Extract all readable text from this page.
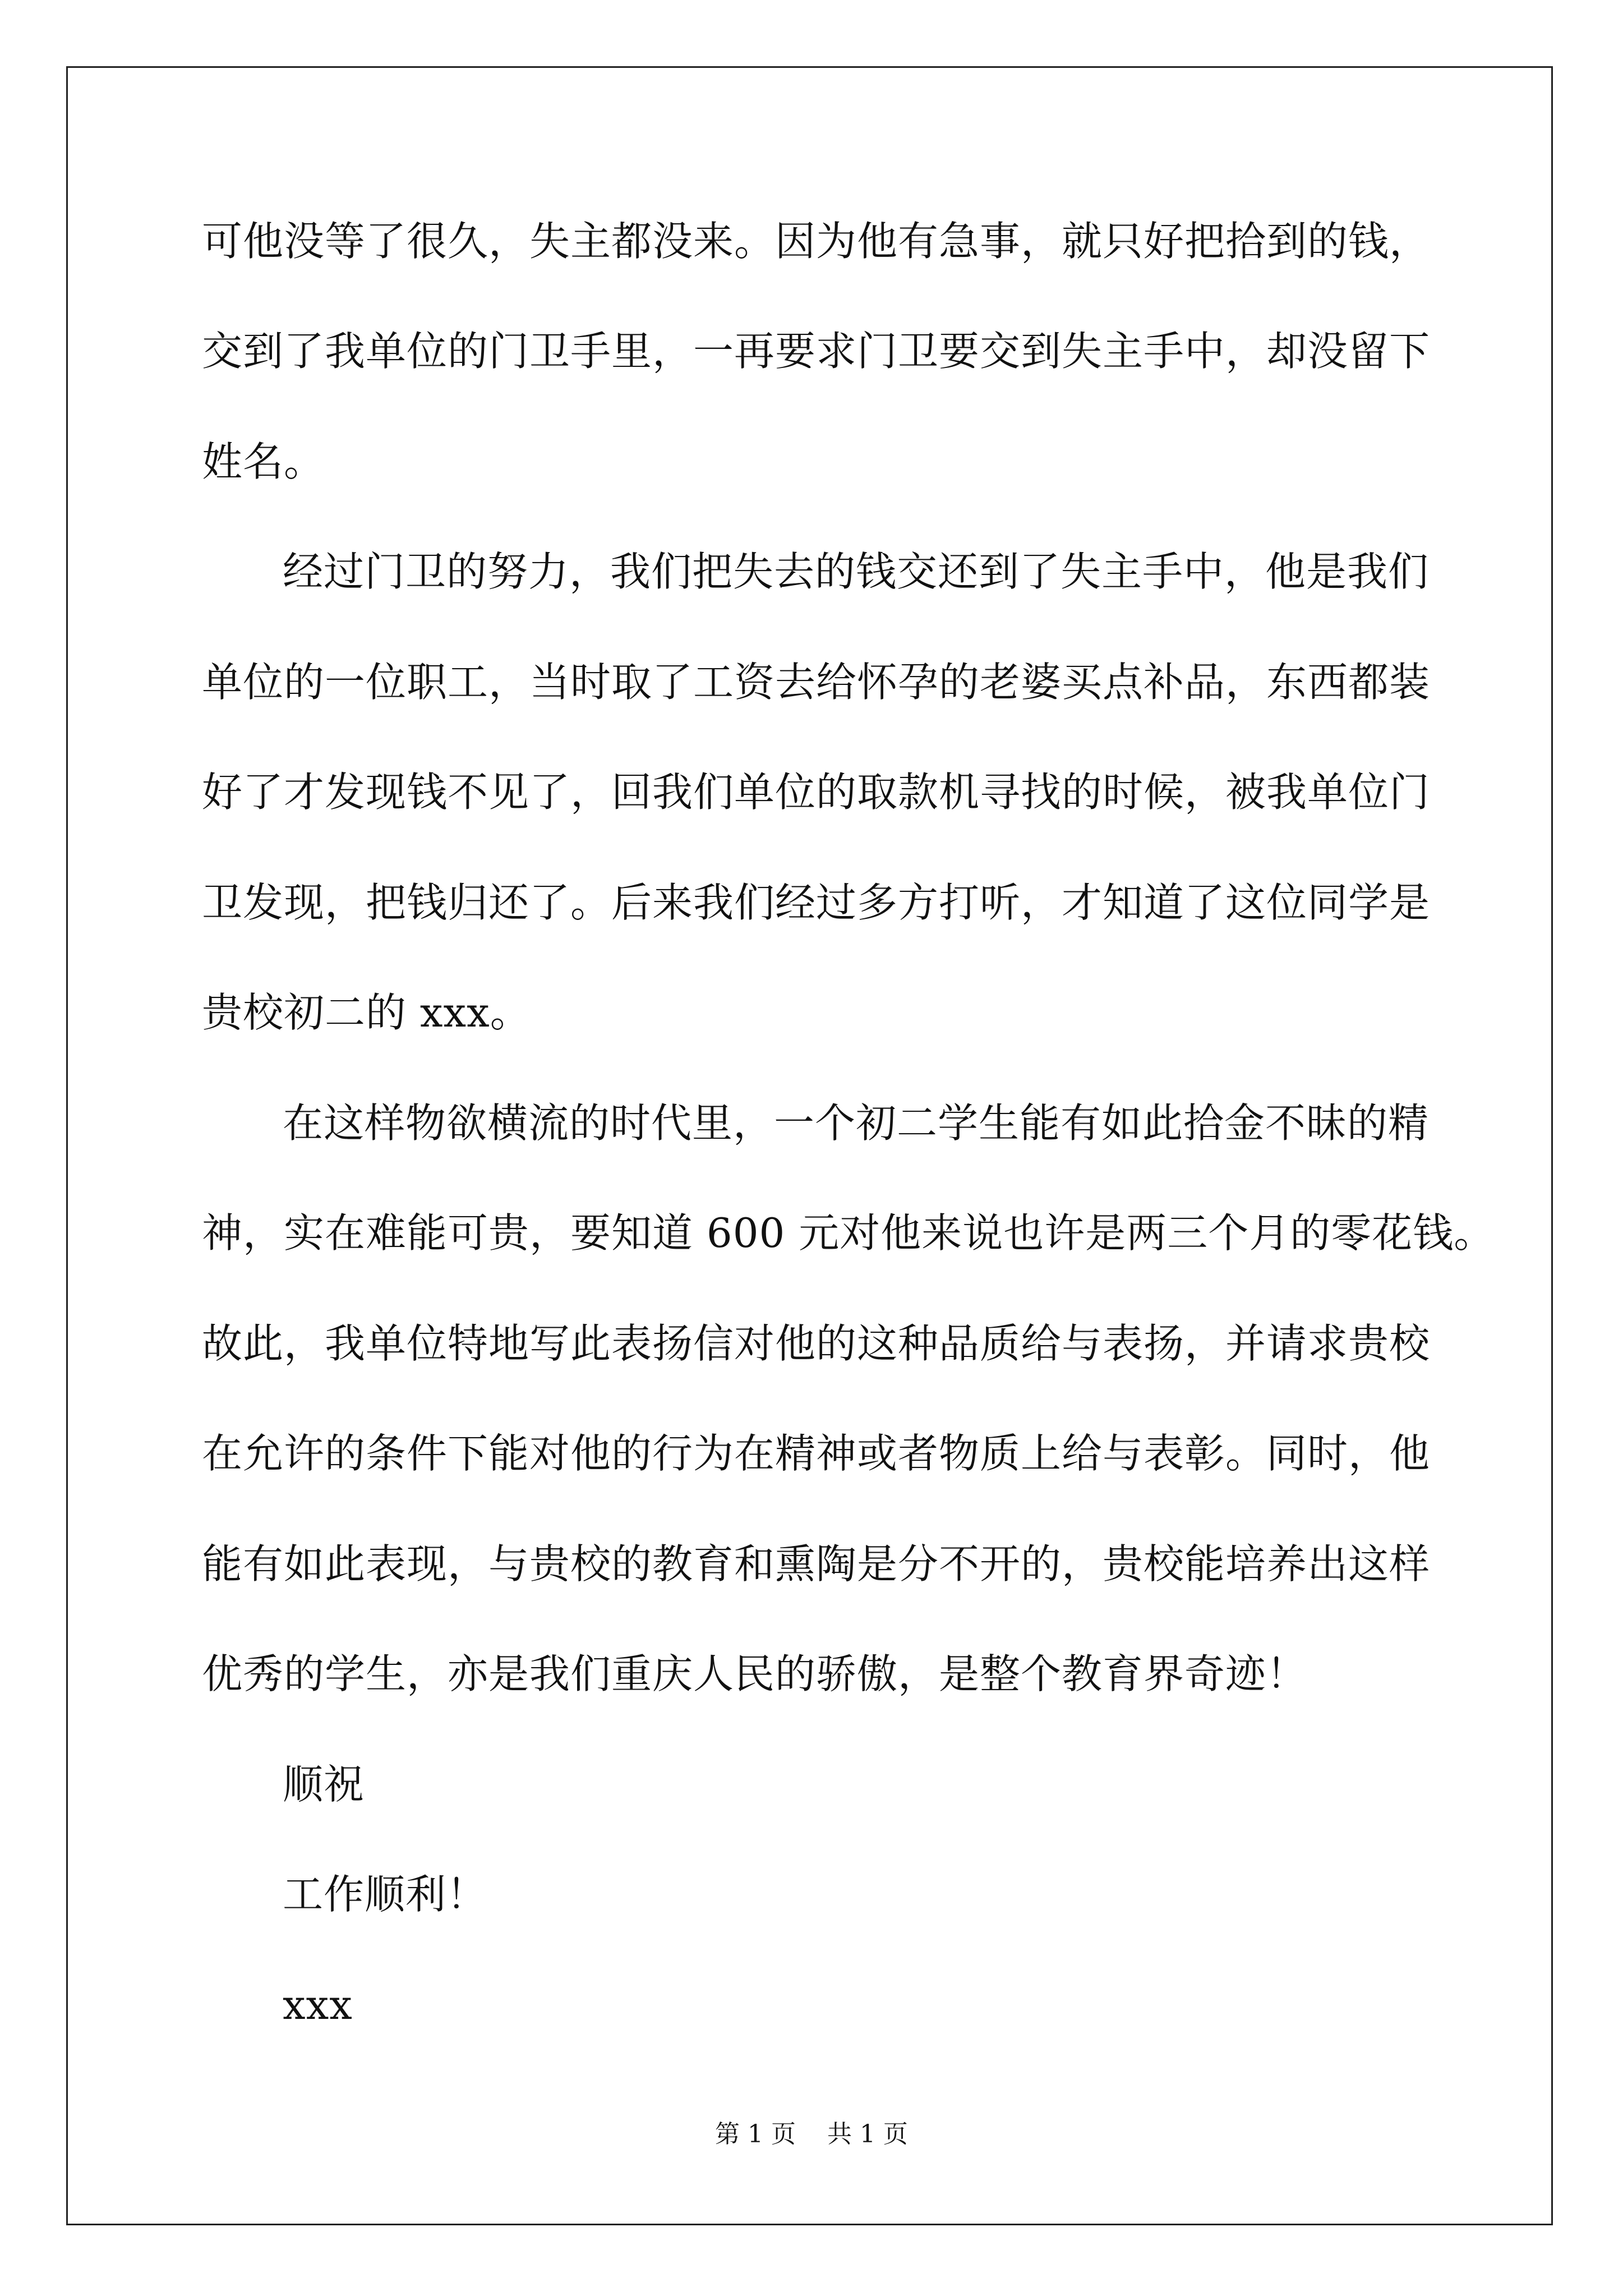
可他没等了很久，失主都没来。因为他有急事，就只好把拾到的钱，
交到了我单位的门卫手里，一再要求门卫要交到失主手中，却没留下
姓名。
经过门卫的努力，我们把失去的钱交还到了失主手中，他是我们
单位的一位职工，当时取了工资去给怀孕的老婆买点补品，东西都装
好了才发现钱不见了，回我们单位的取款机寻找的时候，被我单位门
卫发现，把钱归还了。后来我们经过多方打听，才知道了这位同学是
贵校初二的 xxx。
在这样物欲横流的时代里，一个初二学生能有如此拾金不昧的精
神，实在难能可贵，要知道 600 元对他来说也许是两三个月的零花钱。
故此，我单位特地写此表扬信对他的这种品质给与表扬，并请求贵校
在允许的条件下能对他的行为在精神或者物质上给与表彰。同时，他
能有如此表现，与贵校的教育和熏陶是分不开的，贵校能培养出这样
优秀的学生，亦是我们重庆人民的骄傲，是整个教育界奇迹！
顺祝
工作顺利！
xxx
第 1 页    共 1 页
